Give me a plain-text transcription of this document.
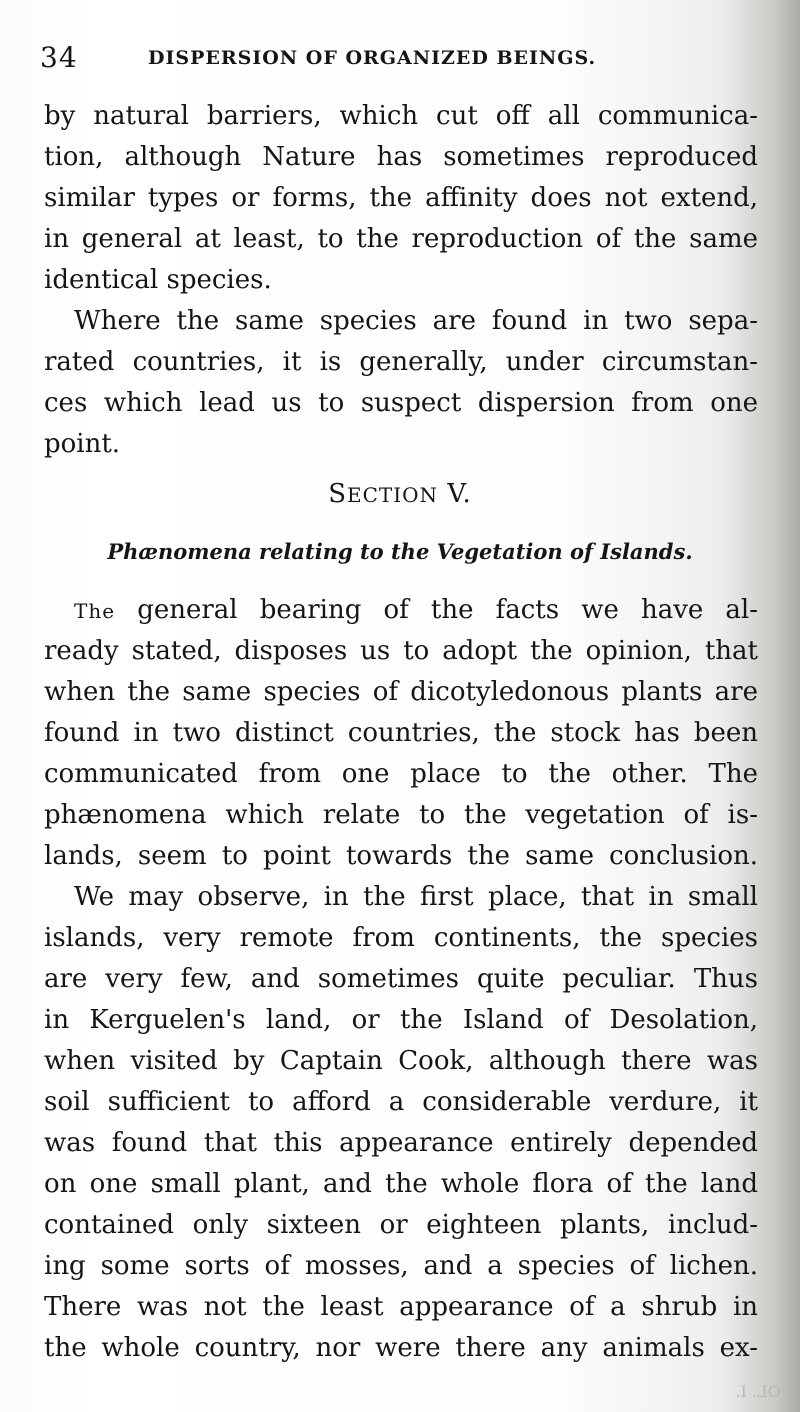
34	DISPERSION OF ORGANIZED BEINGS.

by natural barriers, which cut off all communica-

tion, although Nature has sometimes reproduced

similar types or forms, the affinity does not extend,

in general at least, to the reproduction of the same

identical species.

Where the same species are found in two sepa-

rated countries, it is generally, under circumstan-

ces which lead us to suspect dispersion from one

point.

SECTION V.
Phænomena relating to the Vegetation of Islands.

The general bearing of the facts we have al-

ready stated, disposes us to adopt the opinion, that

when the same species of dicotyledonous plants are

found in two distinct countries, the stock has been

communicated from one place to the other. The

phænomena which relate to the vegetation of is-

lands, seem to point towards the same conclusion.

We may observe, in the first place, that in small

islands, very remote from continents, the species

are very few, and sometimes quite peculiar. Thus

in Kerguelen's land, or the Island of Desolation,

when visited by Captain Cook, although there was

soil sufficient to afford a considerable verdure, it

was found that this appearance entirely depended

on one small plant, and the whole flora of the land

contained only sixteen or eighteen plants, includ-

ing some sorts of mosses, and a species of lichen.

There was not the least appearance of a shrub in

the whole country, nor were there any animals ex-

VOL. I.
